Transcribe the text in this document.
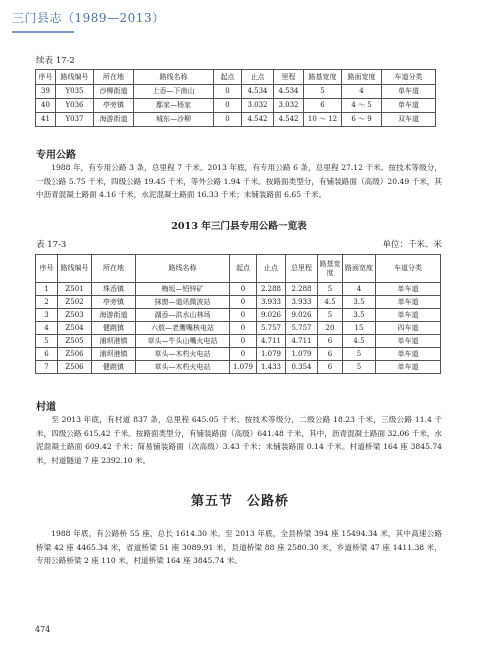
三门县志（1989—2013）
续表 17-2
序号	路线编号	所在地	路线名称	起点	止点	里程	路基宽度	路面宽度	车道分类
39	Y035	沙柳街道	上岙—下南山	0	4.534	4.534	5	4	单车道
40	Y036	亭旁镇	鄢家—杨家	0	3.032	3.032	6	4 ～ 5	单车道
41	Y037	海游街道	城东—沙柳	0	4.542	4.542	10 ～ 12	6 ～ 9	双车道
专用公路
1988 年，有专用公路 3 条，总里程 7 千米。2013 年底，有专用公路 6 条，总里程 27.12 千米。按技术等级分，一级公路 5.75 千米，四级公路 19.45 千米，等外公路 1.94 千米。按路面类型分，有铺装路面（高级）20.49 千米，其中沥青混凝土路面 4.16 千米，水泥混凝土路面 16.33 千米；未铺装路面 6.65 千米。
2013 年三门县专用公路一览表
表 17-3	单位：千米、米
序号	路线编号	所在地	路线名称	起点	止点	总里程	路基宽度	路面宽度	车道分类
1	Z501	珠岙镇	梅坂—铅锌矿	0	2.288	2.288	5	4	单车道
2	Z502	亭旁镇	抹窗—道讯微波站	0	3.933	3.933	4.5	3.5	单车道
3	Z503	海游街道	湖岙—洪水山林场	0	9.026	9.026	5	3.5	单车道
4	Z504	健跳镇	六敖—老鹰嘴核电站	0	5.757	5.757	20	15	四车道
5	Z505	浦坝港镇	草头—牛头山嘴火电站	0	4.711	4.711	6	4.5	单车道
6	Z506	浦坝港镇	草头—木杓火电站	0	1.079	1.079	6	5	单车道
7	Z506	健跳镇	草头—木杓火电站	1.079	1.433	0.354	6	5	单车道
村道
至 2013 年底，有村道 837 条，总里程 645.05 千米。按技术等级分，二级公路 18.23 千米，三级公路 11.4 千米，四级公路 615.42 千米。按路面类型分，有铺装路面（高级）641.48 千米，其中，沥青混凝土路面 32.06 千米，水泥混凝土路面 609.42 千米；简易铺装路面（次高级）3.43 千米；未铺装路面 0.14 千米。村道桥梁 164 座 3845.74 米，村道隧道 7 座 2392.10 米。
第五节　公路桥
1988 年底，有公路桥 55 座，总长 1614.30 米。至 2013 年底，全县桥梁 394 座 15494.34 米，其中高速公路桥梁 42 座 4465.34 米，省道桥梁 51 座 3089.91 米，县道桥梁 88 座 2580.30 米，乡道桥梁 47 座 1411.38 米，专用公路桥梁 2 座 110 米，村道桥梁 164 座 3845.74 米。
474
